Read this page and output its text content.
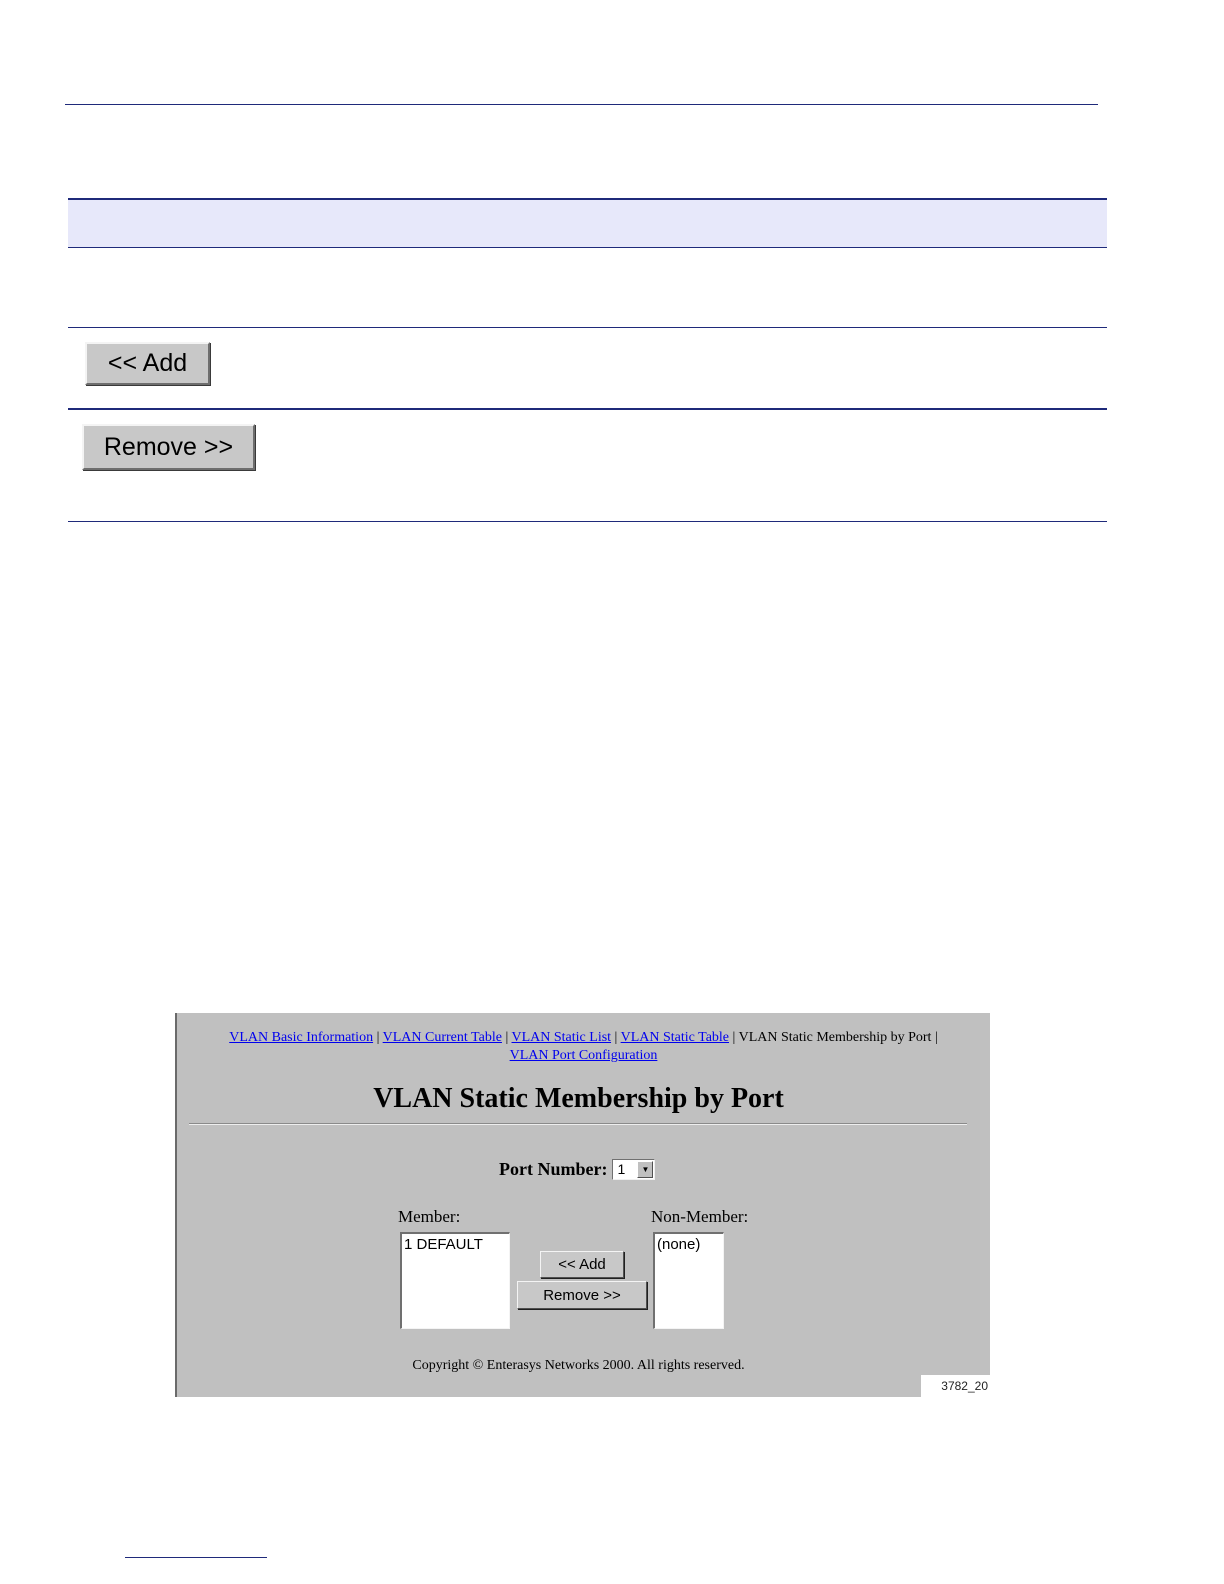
<< Add
Remove >>
VLAN Basic Information | VLAN Current Table | VLAN Static List | VLAN Static Table | VLAN Static Membership by Port |
VLAN Port Configuration
VLAN Static Membership by Port
Port Number: 1	▼
Member:	Non-Member:
1 DEFAULT
<< Add
Remove >>
(none)
Copyright © Enterasys Networks 2000. All rights reserved.
3782_20
